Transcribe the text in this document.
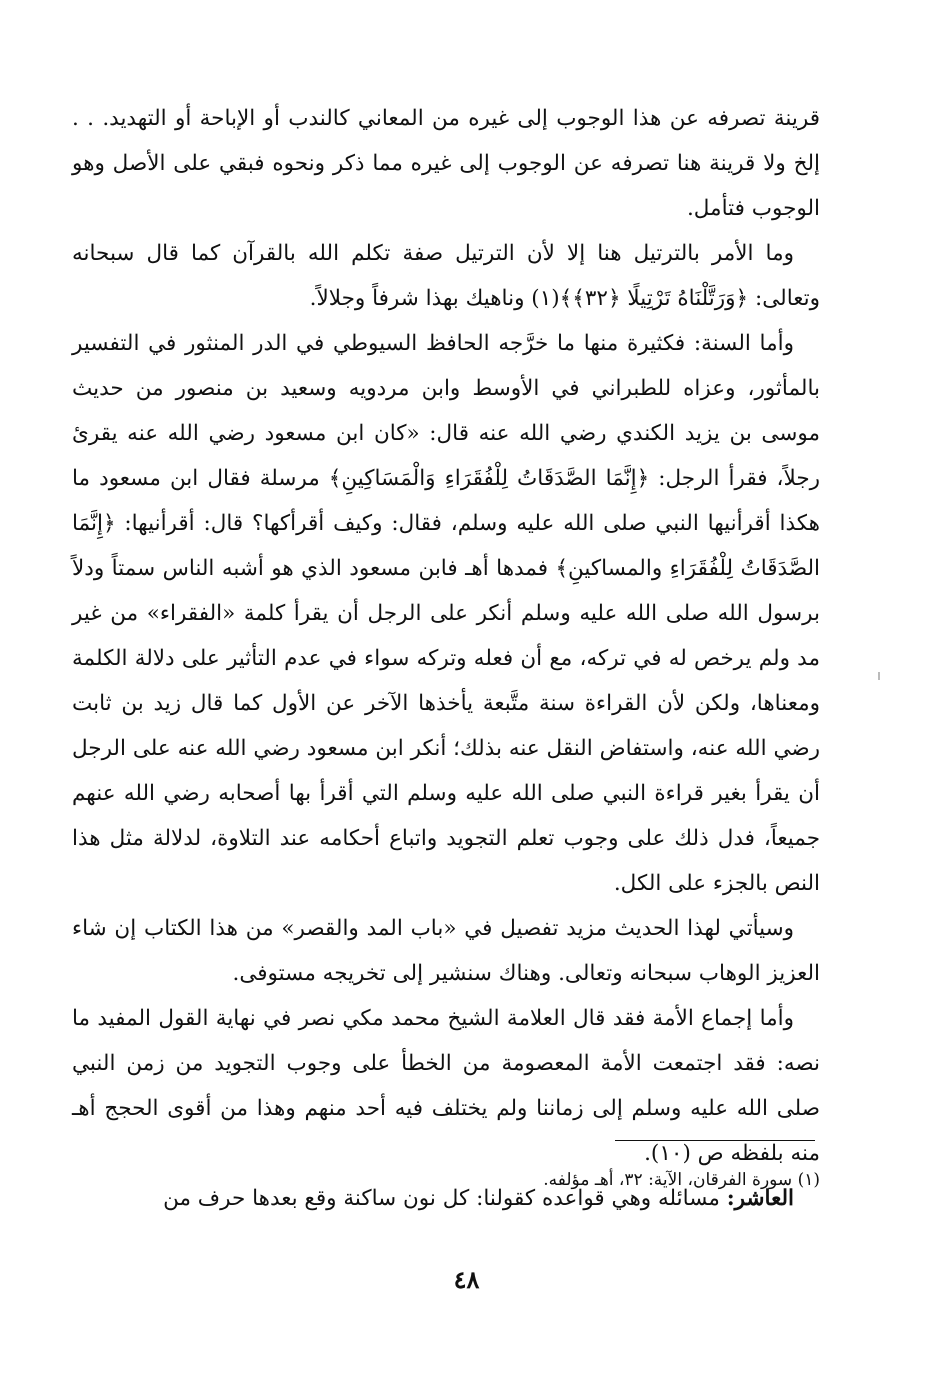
قرينة تصرفه عن هذا الوجوب إلى غيره من المعاني كالندب أو الإباحة أو التهديد. . . إلخ ولا قرينة هنا تصرفه عن الوجوب إلى غيره مما ذكر ونحوه فبقي على الأصل وهو الوجوب فتأمل.

وما الأمر بالترتيل هنا إلا لأن الترتيل صفة تكلم الله بالقرآن كما قال سبحانه وتعالى: ﴿وَرَتَّلْنَاهُ تَرْتِيلًا ﴿٣٢﴾﴾(١) وناهيك بهذا شرفاً وجلالاً.

وأما السنة: فكثيرة منها ما خرَّجه الحافظ السيوطي في الدر المنثور في التفسير بالمأثور، وعزاه للطبراني في الأوسط وابن مردويه وسعيد بن منصور من حديث موسى بن يزيد الكندي رضي الله عنه قال: «كان ابن مسعود رضي الله عنه يقرئ رجلاً، فقرأ الرجل: ﴿إِنَّمَا الصَّدَقَاتُ لِلْفُقَرَاءِ وَالْمَسَاكِينِ﴾ مرسلة فقال ابن مسعود ما هكذا أقرأنيها النبي صلى الله عليه وسلم، فقال: وكيف أقرأكها؟ قال: أقرأنيها: ﴿إِنَّمَا الصَّدَقَاتُ لِلْفُقَرَاءِ والمساكينِ﴾ فمدها أهـ فابن مسعود الذي هو أشبه الناس سمتاً ودلاً برسول الله صلى الله عليه وسلم أنكر على الرجل أن يقرأ كلمة «الفقراء» من غير مد ولم يرخص له في تركه، مع أن فعله وتركه سواء في عدم التأثير على دلالة الكلمة ومعناها، ولكن لأن القراءة سنة متَّبعة يأخذها الآخر عن الأول كما قال زيد بن ثابت رضي الله عنه، واستفاض النقل عنه بذلك؛ أنكر ابن مسعود رضي الله عنه على الرجل أن يقرأ بغير قراءة النبي صلى الله عليه وسلم التي أقرأ بها أصحابه رضي الله عنهم جميعاً، فدل ذلك على وجوب تعلم التجويد واتباع أحكامه عند التلاوة، لدلالة مثل هذا النص بالجزء على الكل.

وسيأتي لهذا الحديث مزيد تفصيل في «باب المد والقصر» من هذا الكتاب إن شاء العزيز الوهاب سبحانه وتعالى. وهناك سنشير إلى تخريجه مستوفى.

وأما إجماع الأمة فقد قال العلامة الشيخ محمد مكي نصر في نهاية القول المفيد ما نصه: فقد اجتمعت الأمة المعصومة من الخطأ على وجوب التجويد من زمن النبي صلى الله عليه وسلم إلى زماننا ولم يختلف فيه أحد منهم وهذا من أقوى الحجج أهـ منه بلفظه ص (١٠).

العاشر: مسائله وهي قواعده كقولنا: كل نون ساكنة وقع بعدها حرف من

(١) سورة الفرقان، الآية: ٣٢، أهـ مؤلفه.
٤٨
